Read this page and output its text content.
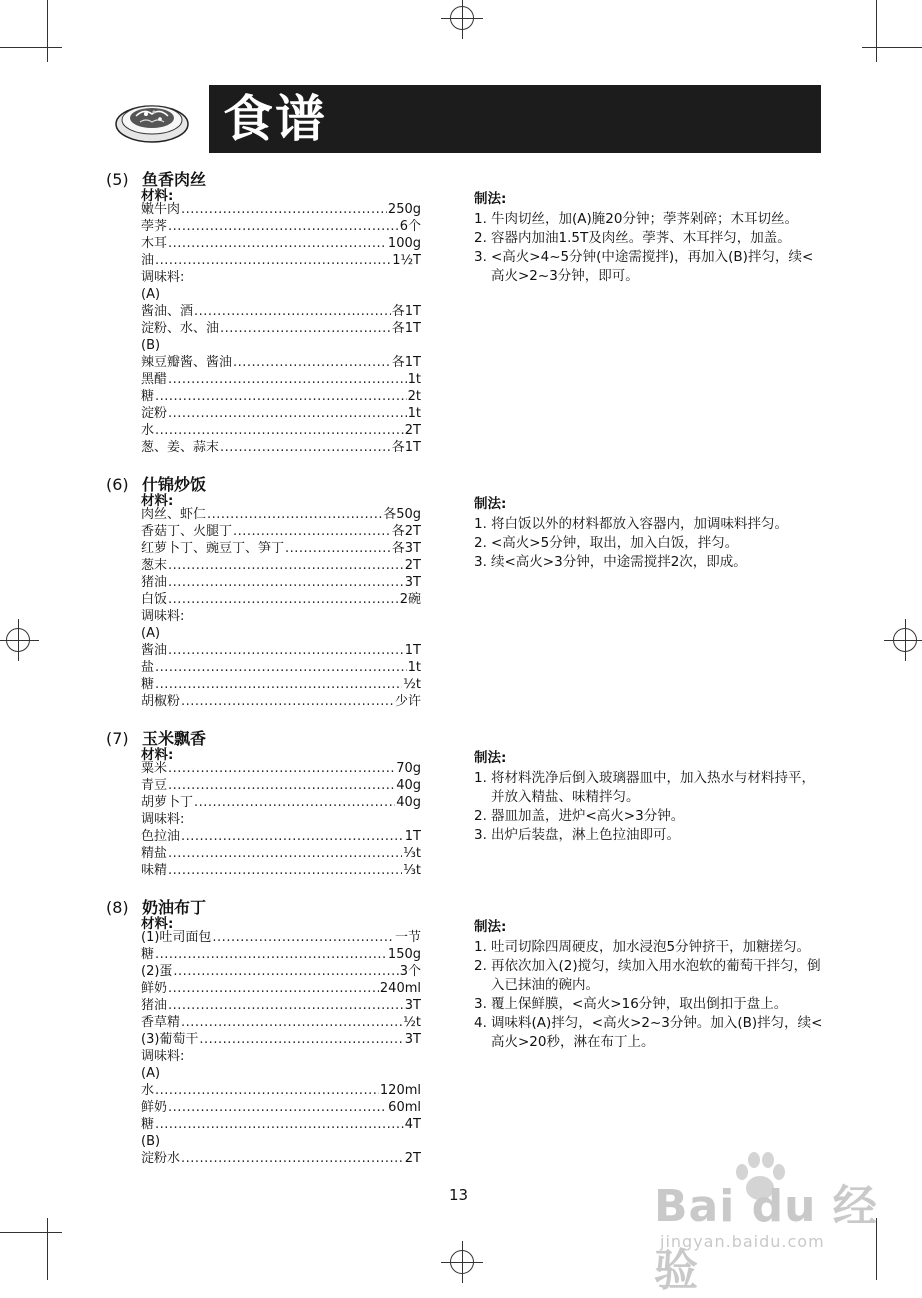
食谱
(5) 鱼香肉丝
材料:
嫩牛肉 .....	250g
荸荠 .....	6个
木耳 .....	100g
油 .....	1½T
调味料:
(A)
酱油、酒 .....	各1T
淀粉、水、油 .....	各1T
(B)
辣豆瓣酱、酱油 .....	各1T
黑醋 .....	1t
糖 .....	2t
淀粉 .....	1t
水 .....	2T
葱、姜、蒜末 .....	各1T
制法:
1. 牛肉切丝，加(A)腌20分钟；荸荠剁碎；木耳切丝。
2. 容器内加油1.5T及肉丝。荸荠、木耳拌匀，加盖。
3. <高火>4~5分钟(中途需搅拌)，再加入(B)拌匀，续<高火>2~3分钟，即可。
(6) 什锦炒饭
材料:
肉丝、虾仁 .....	各50g
香菇丁、火腿丁 .....	各2T
红萝卜丁、豌豆丁、笋丁 .....	各3T
葱末 .....	2T
猪油 .....	3T
白饭 .....	2碗
调味料:
(A)
酱油 .....	1T
盐 .....	1t
糖 .....	½t
胡椒粉 .....	少许
制法:
1. 将白饭以外的材料都放入容器内，加调味料拌匀。
2. <高火>5分钟，取出，加入白饭，拌匀。
3. 续<高火>3分钟，中途需搅拌2次，即成。
(7) 玉米飘香
材料:
粟米 .....	70g
青豆 .....	40g
胡萝卜丁 .....	40g
调味料:
色拉油 .....	1T
精盐 .....	⅓t
味精 .....	⅓t
制法:
1. 将材料洗净后倒入玻璃器皿中，加入热水与材料持平，并放入精盐、味精拌匀。
2. 器皿加盖，进炉<高火>3分钟。
3. 出炉后装盘，淋上色拉油即可。
(8) 奶油布丁
材料:
(1)吐司面包 .....	一节
糖 .....	150g
(2)蛋 .....	3个
鲜奶 .....	240ml
猪油 .....	3T
香草精 .....	½t
(3)葡萄干 .....	3T
调味料:
(A)
水 .....	120ml
鲜奶 .....	60ml
糖 .....	4T
(B)
淀粉水 .....	2T
制法:
1. 吐司切除四周硬皮，加水浸泡5分钟挤干，加糖搓匀。
2. 再依次加入(2)搅匀，续加入用水泡软的葡萄干拌匀，倒入已抹油的碗内。
3. 覆上保鲜膜，<高火>16分钟，取出倒扣于盘上。
4. 调味料(A)拌匀，<高火>2~3分钟。加入(B)拌匀，续<高火>20秒，淋在布丁上。
13	Bai du 经验
jingyan.baidu.com
